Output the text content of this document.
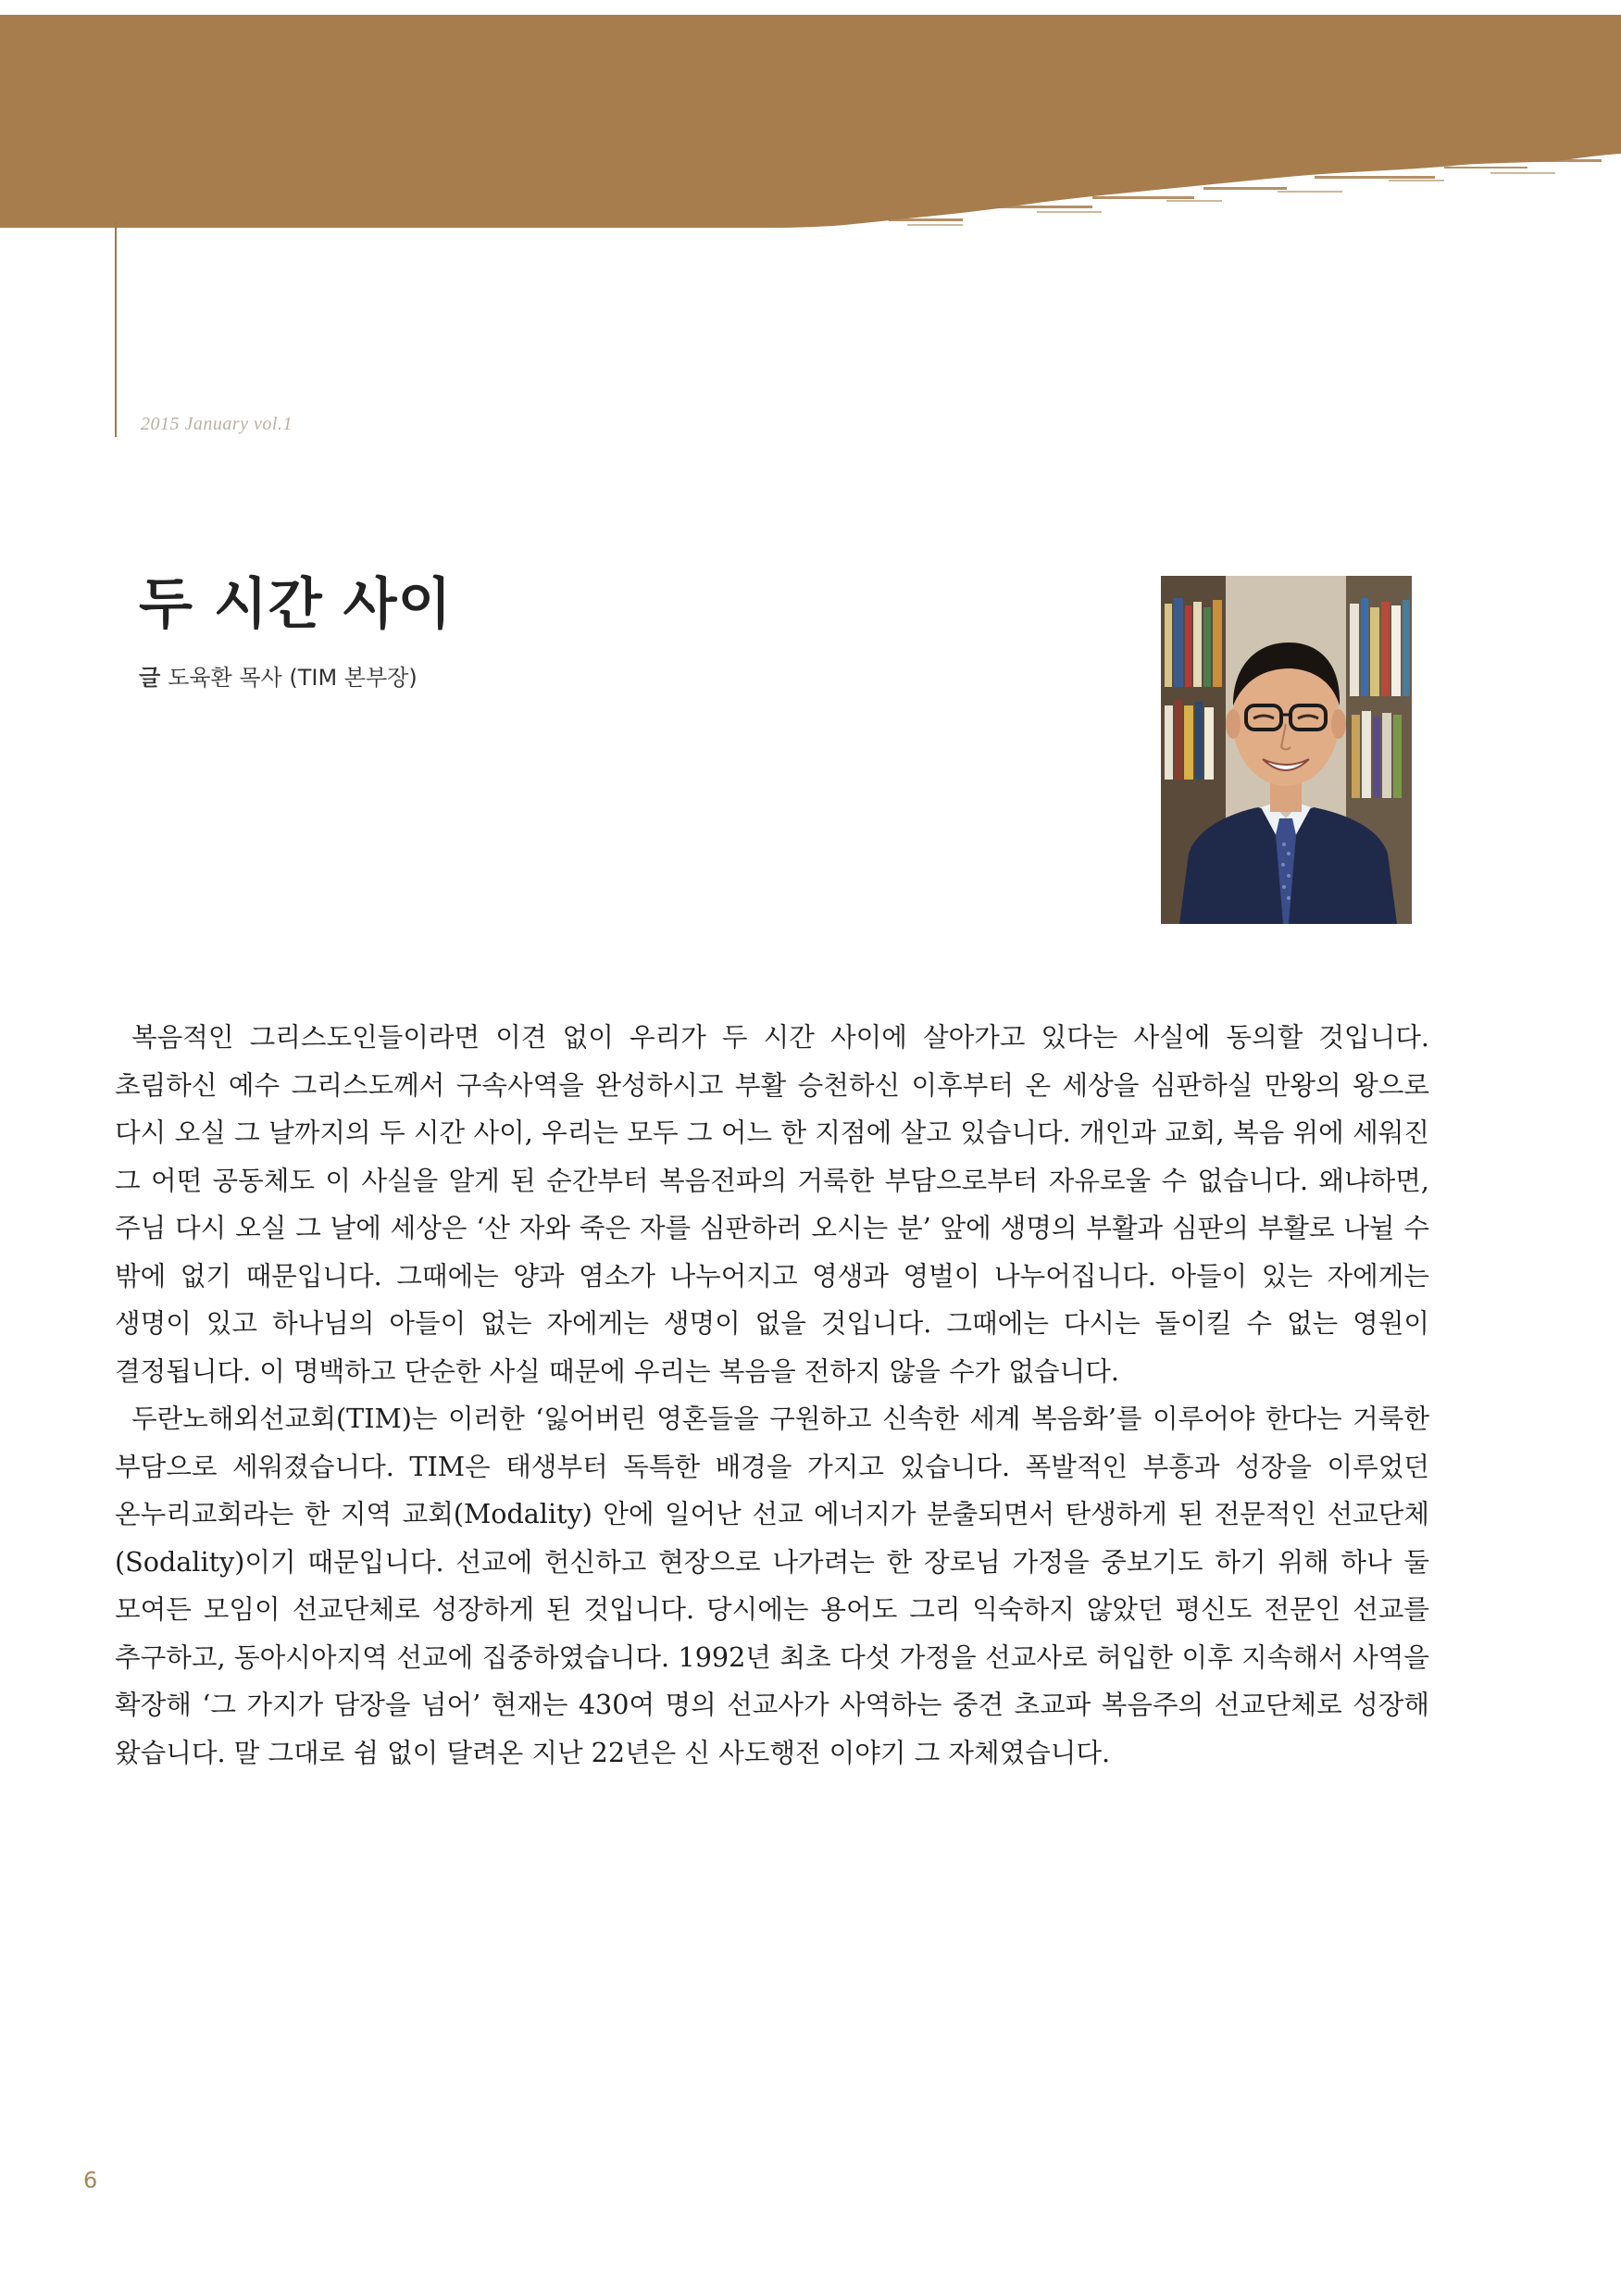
2015 January vol.1
두 시간 사이
글 도육환 목사 (TIM 본부장)

복음적인 그리스도인들이라면 이견 없이 우리가 두 시간 사이에 살아가고 있다는 사실에 동의할 것입니다. 초림하신 예수 그리스도께서 구속사역을 완성하시고 부활 승천하신 이후부터 온 세상을 심판하실 만왕의 왕으로 다시 오실 그 날까지의 두 시간 사이, 우리는 모두 그 어느 한 지점에 살고 있습니다. 개인과 교회, 복음 위에 세워진 그 어떤 공동체도 이 사실을 알게 된 순간부터 복음전파의 거룩한 부담으로부터 자유로울 수 없습니다. 왜냐하면, 주님 다시 오실 그 날에 세상은 ‘산 자와 죽은 자를 심판하러 오시는 분’ 앞에 생명의 부활과 심판의 부활로 나뉠 수 밖에 없기 때문입니다. 그때에는 양과 염소가 나누어지고 영생과 영벌이 나누어집니다. 아들이 있는 자에게는 생명이 있고 하나님의 아들이 없는 자에게는 생명이 없을 것입니다. 그때에는 다시는 돌이킬 수 없는 영원이 결정됩니다. 이 명백하고 단순한 사실 때문에 우리는 복음을 전하지 않을 수가 없습니다.

두란노해외선교회(TIM)는 이러한 ‘잃어버린 영혼들을 구원하고 신속한 세계 복음화’를 이루어야 한다는 거룩한 부담으로 세워졌습니다. TIM은 태생부터 독특한 배경을 가지고 있습니다. 폭발적인 부흥과 성장을 이루었던 온누리교회라는 한 지역 교회(Modality) 안에 일어난 선교 에너지가 분출되면서 탄생하게 된 전문적인 선교단체(Sodality)이기 때문입니다. 선교에 헌신하고 현장으로 나가려는 한 장로님 가정을 중보기도 하기 위해 하나 둘 모여든 모임이 선교단체로 성장하게 된 것입니다. 당시에는 용어도 그리 익숙하지 않았던 평신도 전문인 선교를 추구하고, 동아시아지역 선교에 집중하였습니다. 1992년 최초 다섯 가정을 선교사로 허입한 이후 지속해서 사역을 확장해 ‘그 가지가 담장을 넘어’ 현재는 430여 명의 선교사가 사역하는 중견 초교파 복음주의 선교단체로 성장해 왔습니다. 말 그대로 쉼 없이 달려온 지난 22년은 신 사도행전 이야기 그 자체였습니다.

6
